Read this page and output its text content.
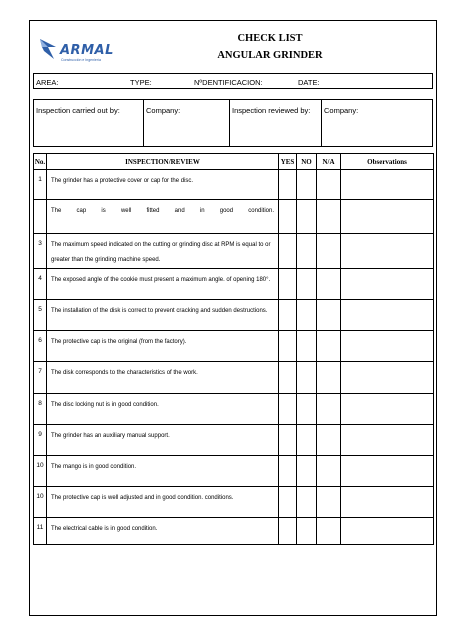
ARMAL
Construcción e Ingeniería
CHECK LIST
ANGULAR GRINDER
AREA:	TYPE:	NºDENTIFICACION:	DATE:
Inspection carried out by:	Company:	Inspection reviewed by: Company:
No.	INSPECTION/REVIEW	YES	NO	N/A	Observations
1	The grinder has a protective cover or cap for the disc.				
	The cap is well fitted and in good condition.				
3	The maximum speed indicated on the cutting or grinding disc at RPM is equal to or greater than the grinding machine speed.				
4	The exposed angle of the cookie must present a maximum angle. of opening 180°.				
5	The installation of the disk is correct to prevent cracking and sudden destructions.				
6	The protective cap is the original (from the factory).				
7	The disk corresponds to the characteristics of the work.				
8	The disc locking nut is in good condition.				
9	The grinder has an auxiliary manual support.				
10	The mango is in good condition.				
10	The protective cap is well adjusted and in good condition. conditions.				
11	The electrical cable is in good condition.				
